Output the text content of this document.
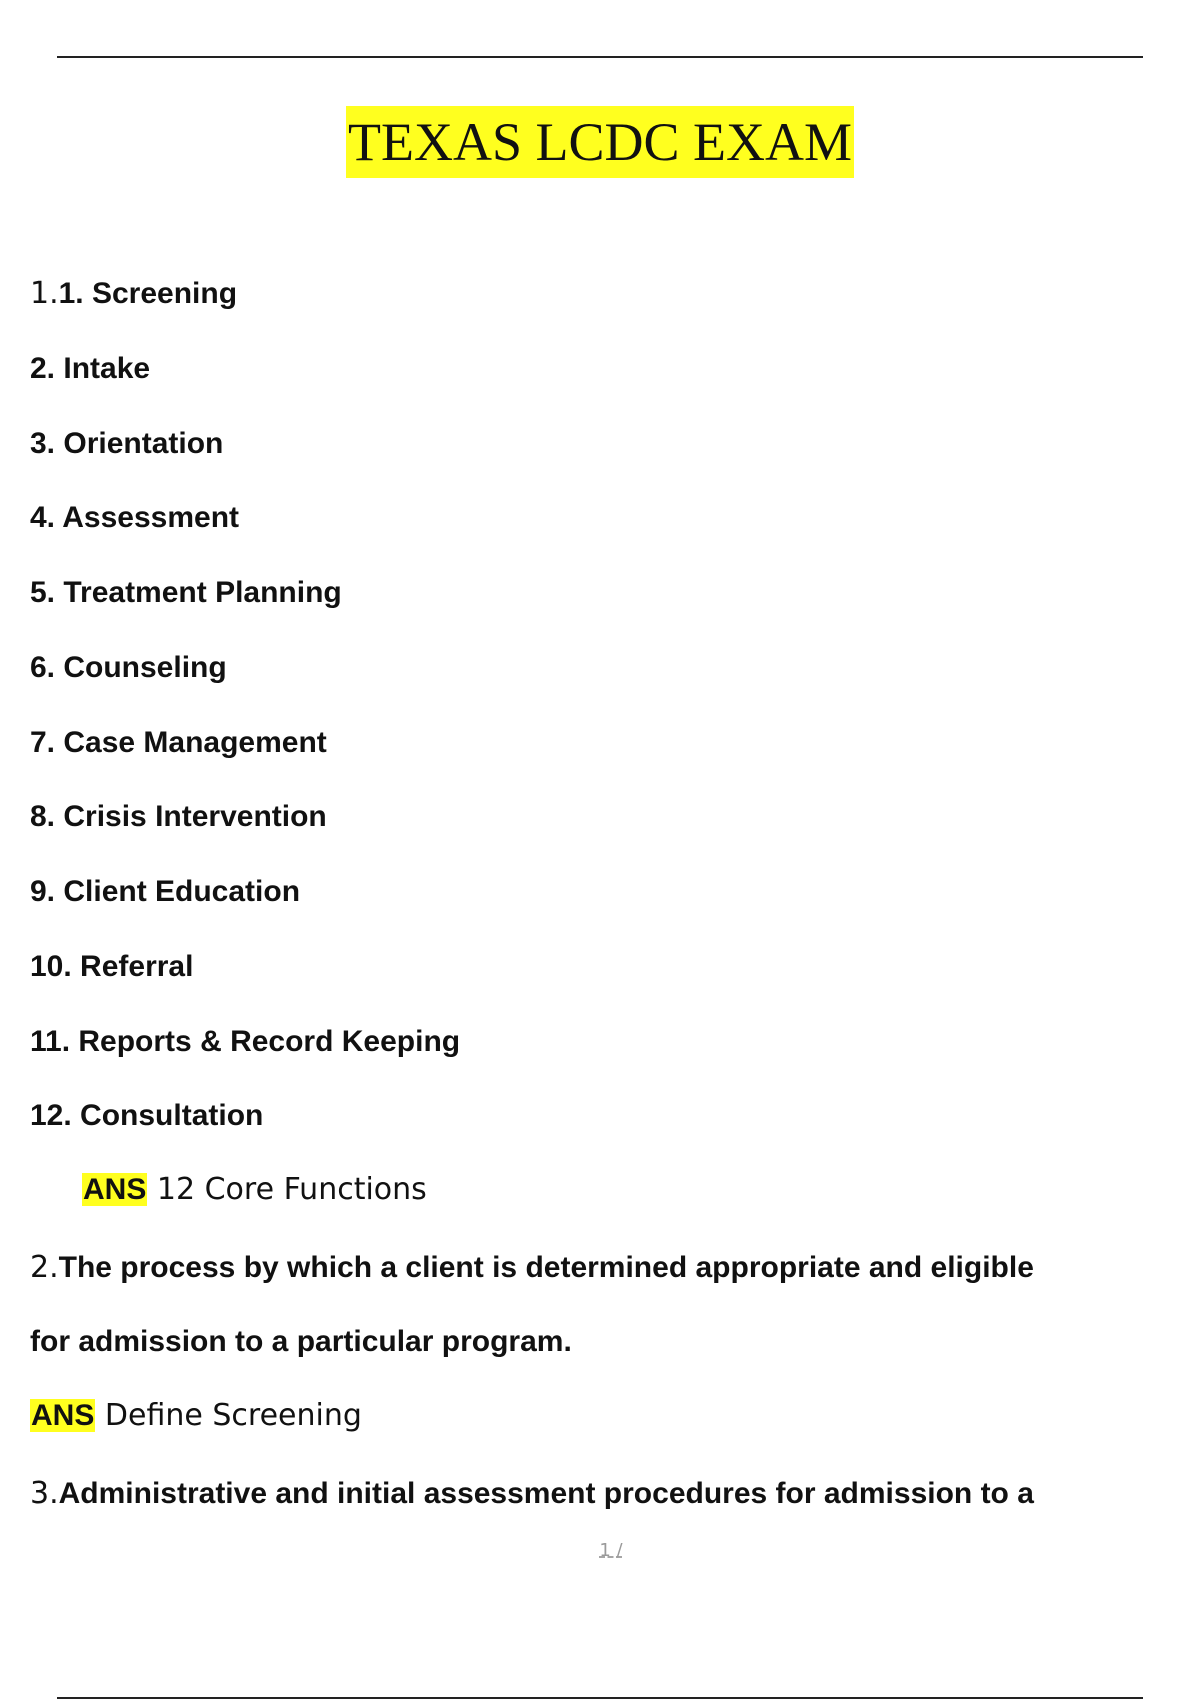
TEXAS LCDC EXAM
1.1. Screening
2. Intake
3. Orientation
4. Assessment
5. Treatment Planning
6. Counseling
7. Case Management
8. Crisis Intervention
9. Client Education
10. Referral
11. Reports & Record Keeping
12. Consultation
ANS 12 Core Functions
2.The process by which a client is determined appropriate and eligible
for admission to a particular program.
ANS Define Screening
3.Administrative and initial assessment procedures for admission to a
1 /
